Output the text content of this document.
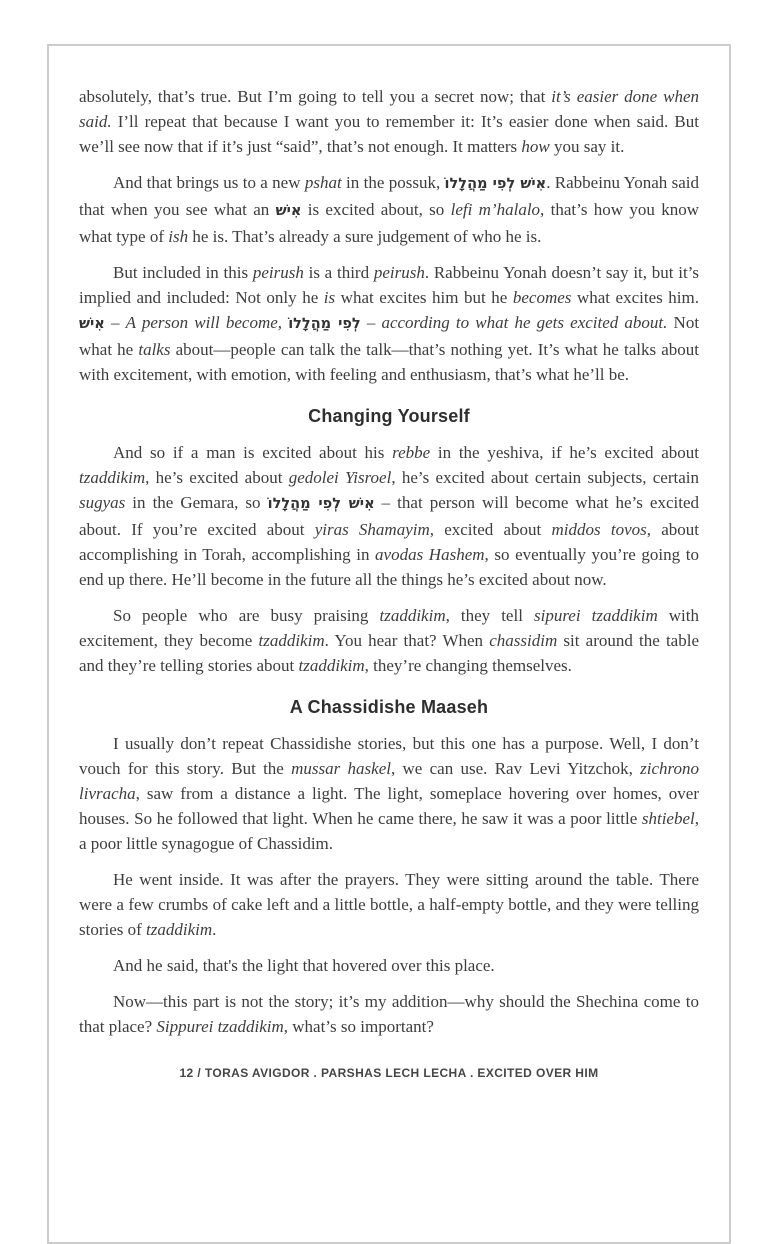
absolutely, that’s true. But I’m going to tell you a secret now; that it’s easier done when said. I’ll repeat that because I want you to remember it: It’s easier done when said. But we’ll see now that if it’s just “said”, that’s not enough. It matters how you say it.

And that brings us to a new pshat in the possuk, אִישׁ לְפִי מַהֲלָלוֹ. Rabbeinu Yonah said that when you see what an אִישׁ is excited about, so lefi m’halalo, that’s how you know what type of ish he is. That’s already a sure judgement of who he is.

But included in this peirush is a third peirush. Rabbeinu Yonah doesn’t say it, but it’s implied and included: Not only he is what excites him but he becomes what excites him. אִישׁ – A person will become, לְפִי מַהֲלָלוֹ – according to what he gets excited about. Not what he talks about—people can talk the talk—that’s nothing yet. It’s what he talks about with excitement, with emotion, with feeling and enthusiasm, that’s what he’ll be.

Changing Yourself

And so if a man is excited about his rebbe in the yeshiva, if he’s excited about tzaddikim, he’s excited about gedolei Yisroel, he’s excited about certain subjects, certain sugyas in the Gemara, so אִישׁ לְפִי מַהֲלָלוֹ – that person will become what he’s excited about. If you’re excited about yiras Shamayim, excited about middos tovos, about accomplishing in Torah, accomplishing in avodas Hashem, so eventually you’re going to end up there. He’ll become in the future all the things he’s excited about now.

So people who are busy praising tzaddikim, they tell sipurei tzaddikim with excitement, they become tzaddikim. You hear that? When chassidim sit around the table and they’re telling stories about tzaddikim, they’re changing themselves.

A Chassidishe Maaseh

I usually don’t repeat Chassidishe stories, but this one has a purpose. Well, I don’t vouch for this story. But the mussar haskel, we can use. Rav Levi Yitzchok, zichrono livracha, saw from a distance a light. The light, someplace hovering over homes, over houses. So he followed that light. When he came there, he saw it was a poor little shtiebel, a poor little synagogue of Chassidim.

He went inside. It was after the prayers. They were sitting around the table. There were a few crumbs of cake left and a little bottle, a half-empty bottle, and they were telling stories of tzaddikim.

And he said, that's the light that hovered over this place.

Now—this part is not the story; it’s my addition—why should the Shechina come to that place? Sippurei tzaddikim, what’s so important?

12 / TORAS AVIGDOR . PARSHAS LECH LECHA . EXCITED OVER HIM
